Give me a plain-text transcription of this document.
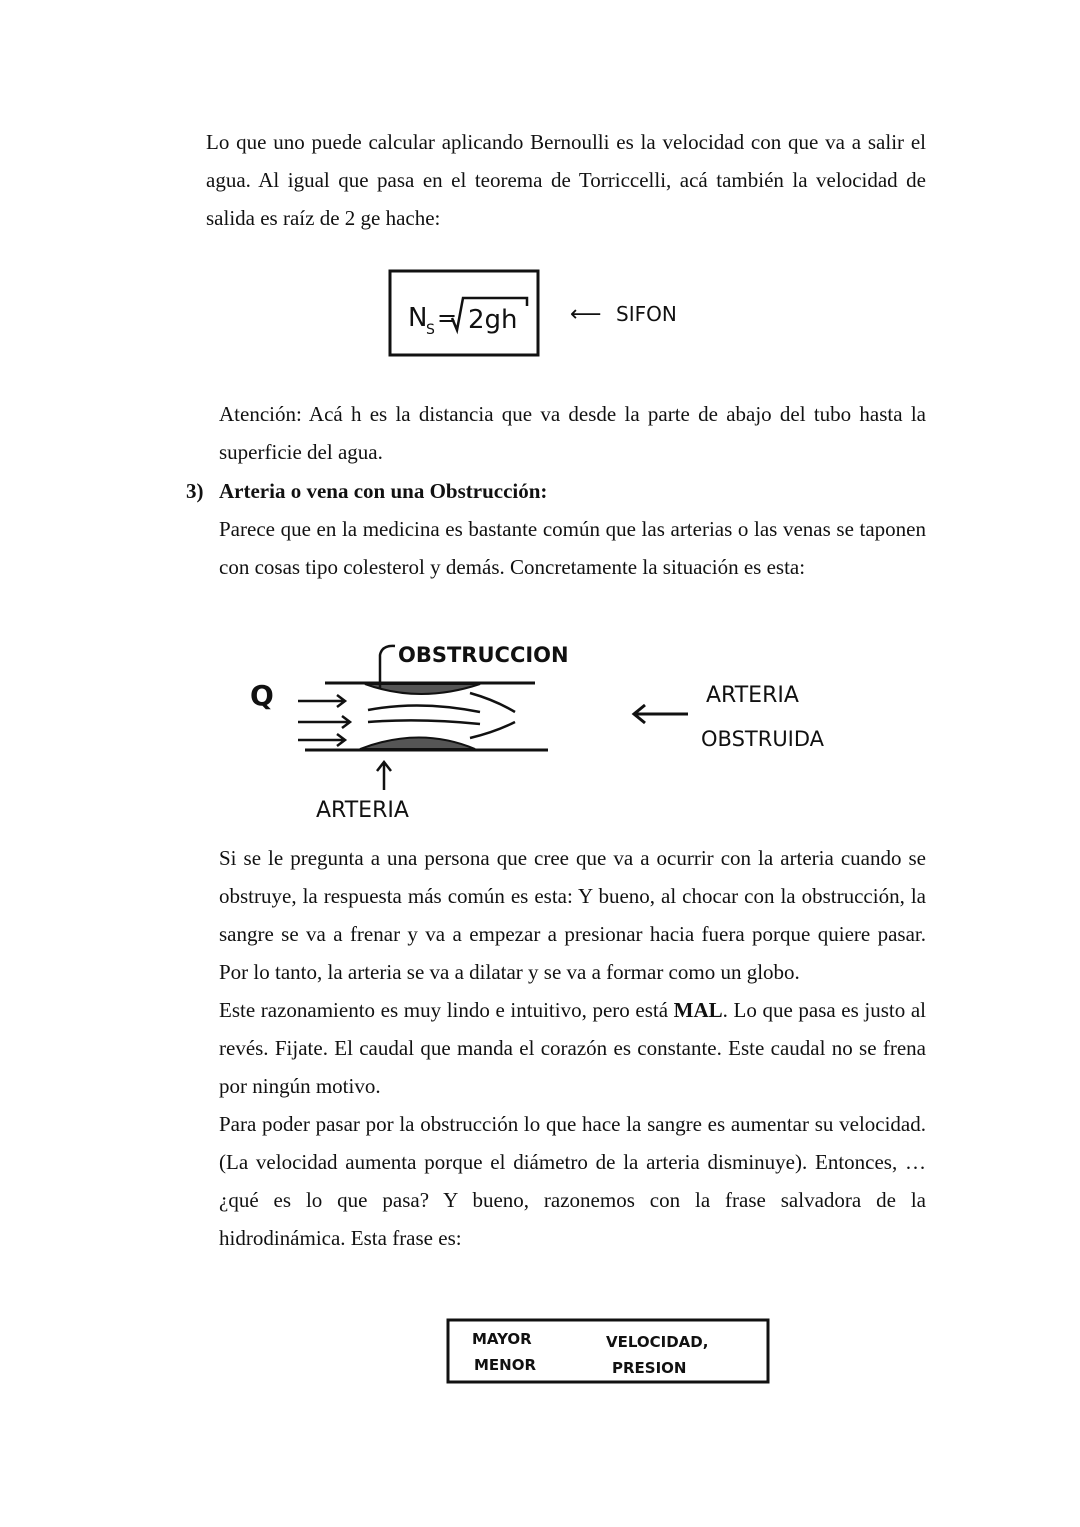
Lo que uno puede calcular aplicando Bernoulli es la velocidad con que va a salir el agua. Al igual que pasa en el teorema de Torriccelli, acá también la velocidad de salida es raíz de 2 ge hache:
N
S = 2gh ⟵ SIFON
Q
OBSTRUCCION
ARTERIA
ARTERIA
OBSTRUIDA
MAYOR	VELOCIDAD,
MENOR	PRESION
Atención: Acá h es la distancia que va desde la parte de abajo del tubo hasta la superficie del agua.
3) Arteria o vena con una Obstrucción:
Parece que en la medicina es bastante común que las arterias o las venas se taponen con cosas tipo colesterol y demás. Concretamente la situación es esta:
Si se le pregunta a una persona que cree que va a ocurrir con la arteria cuando se obstruye, la respuesta más común es esta: Y bueno, al chocar con la obstrucción, la sangre se va a frenar y va a empezar a presionar hacia fuera porque quiere pasar. Por lo tanto, la arteria se va a dilatar y se va a formar como un globo.
Este razonamiento es muy lindo e intuitivo, pero está MAL. Lo que pasa es justo al revés. Fijate. El caudal que manda el corazón es constante. Este caudal no se frena por ningún motivo.
Para poder pasar por la obstrucción lo que hace la sangre es aumentar su velocidad. (La velocidad aumenta porque el diámetro de la arteria disminuye). Entonces, … ¿qué es lo que pasa? Y bueno, razonemos con la frase salvadora de la hidrodinámica. Esta frase es:
